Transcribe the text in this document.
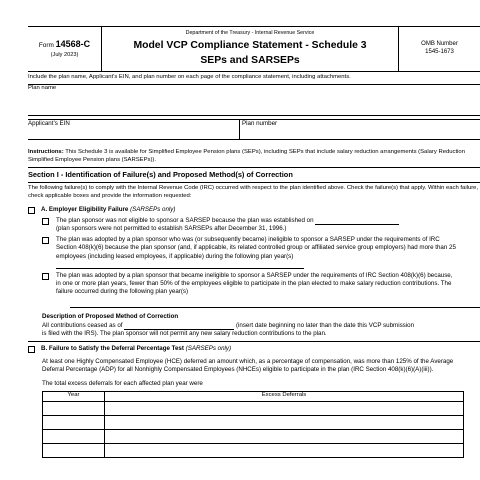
Form 14568-C
(July 2023)
Department of the Treasury - Internal Revenue Service
Model VCP Compliance Statement - Schedule 3
SEPs and SARSEPs
OMB Number
1545-1673
Include the plan name, Applicant’s EIN, and plan number on each page of the compliance statement, including attachments.
Plan name
Applicant’s EIN	Plan number
Instructions: This Schedule 3 is available for Simplified Employee Pension plans (SEPs), including SEPs that include salary reduction arrangements (Salary Reduction Simplified Employee Pension plans (SARSEPs)).
Section I - Identification of Failure(s) and Proposed Method(s) of Correction
The following failure(s) to comply with the Internal Revenue Code (IRC) occurred with respect to the plan identified above. Check the failure(s) that apply. Within each failure, check applicable boxes and provide the information requested:
A. Employer Eligibility Failure (SARSEPs only)
The plan sponsor was not eligible to sponsor a SARSEP because the plan was established on
(plan sponsors were not permitted to establish SARSEPs after December 31, 1996.)
The plan was adopted by a plan sponsor who was (or subsequently became) ineligible to sponsor a SARSEP under the requirements of IRC Section 408(k)(6) because the plan sponsor (and, if applicable, its related controlled group or affiliated service group employers) had more than 25 employees (including leased employees, if applicable) during the following plan year(s)
The plan was adopted by a plan sponsor that became ineligible to sponsor a SARSEP under the requirements of IRC Section 408(k)(6) because, in one or more plan years, fewer than 50% of the employees eligible to participate in the plan elected to make salary reduction contributions. The failure occurred during the following plan year(s)
Description of Proposed Method of Correction
All contributions ceased as of	(insert date beginning no later than the date this VCP submission
is filed with the IRS). The plan sponsor will not permit any new salary reduction contributions to the plan.
B. Failure to Satisfy the Deferral Percentage Test (SARSEPs only)
At least one Highly Compensated Employee (HCE) deferred an amount which, as a percentage of compensation, was more than 125% of the Average Deferral Percentage (ADP) for all Nonhighly Compensated Employees (NHCEs) eligible to participate in the plan (IRC Section 408(k)(6)(A)(iii)).
The total excess deferrals for each affected plan year were
Year	Excess Deferrals
